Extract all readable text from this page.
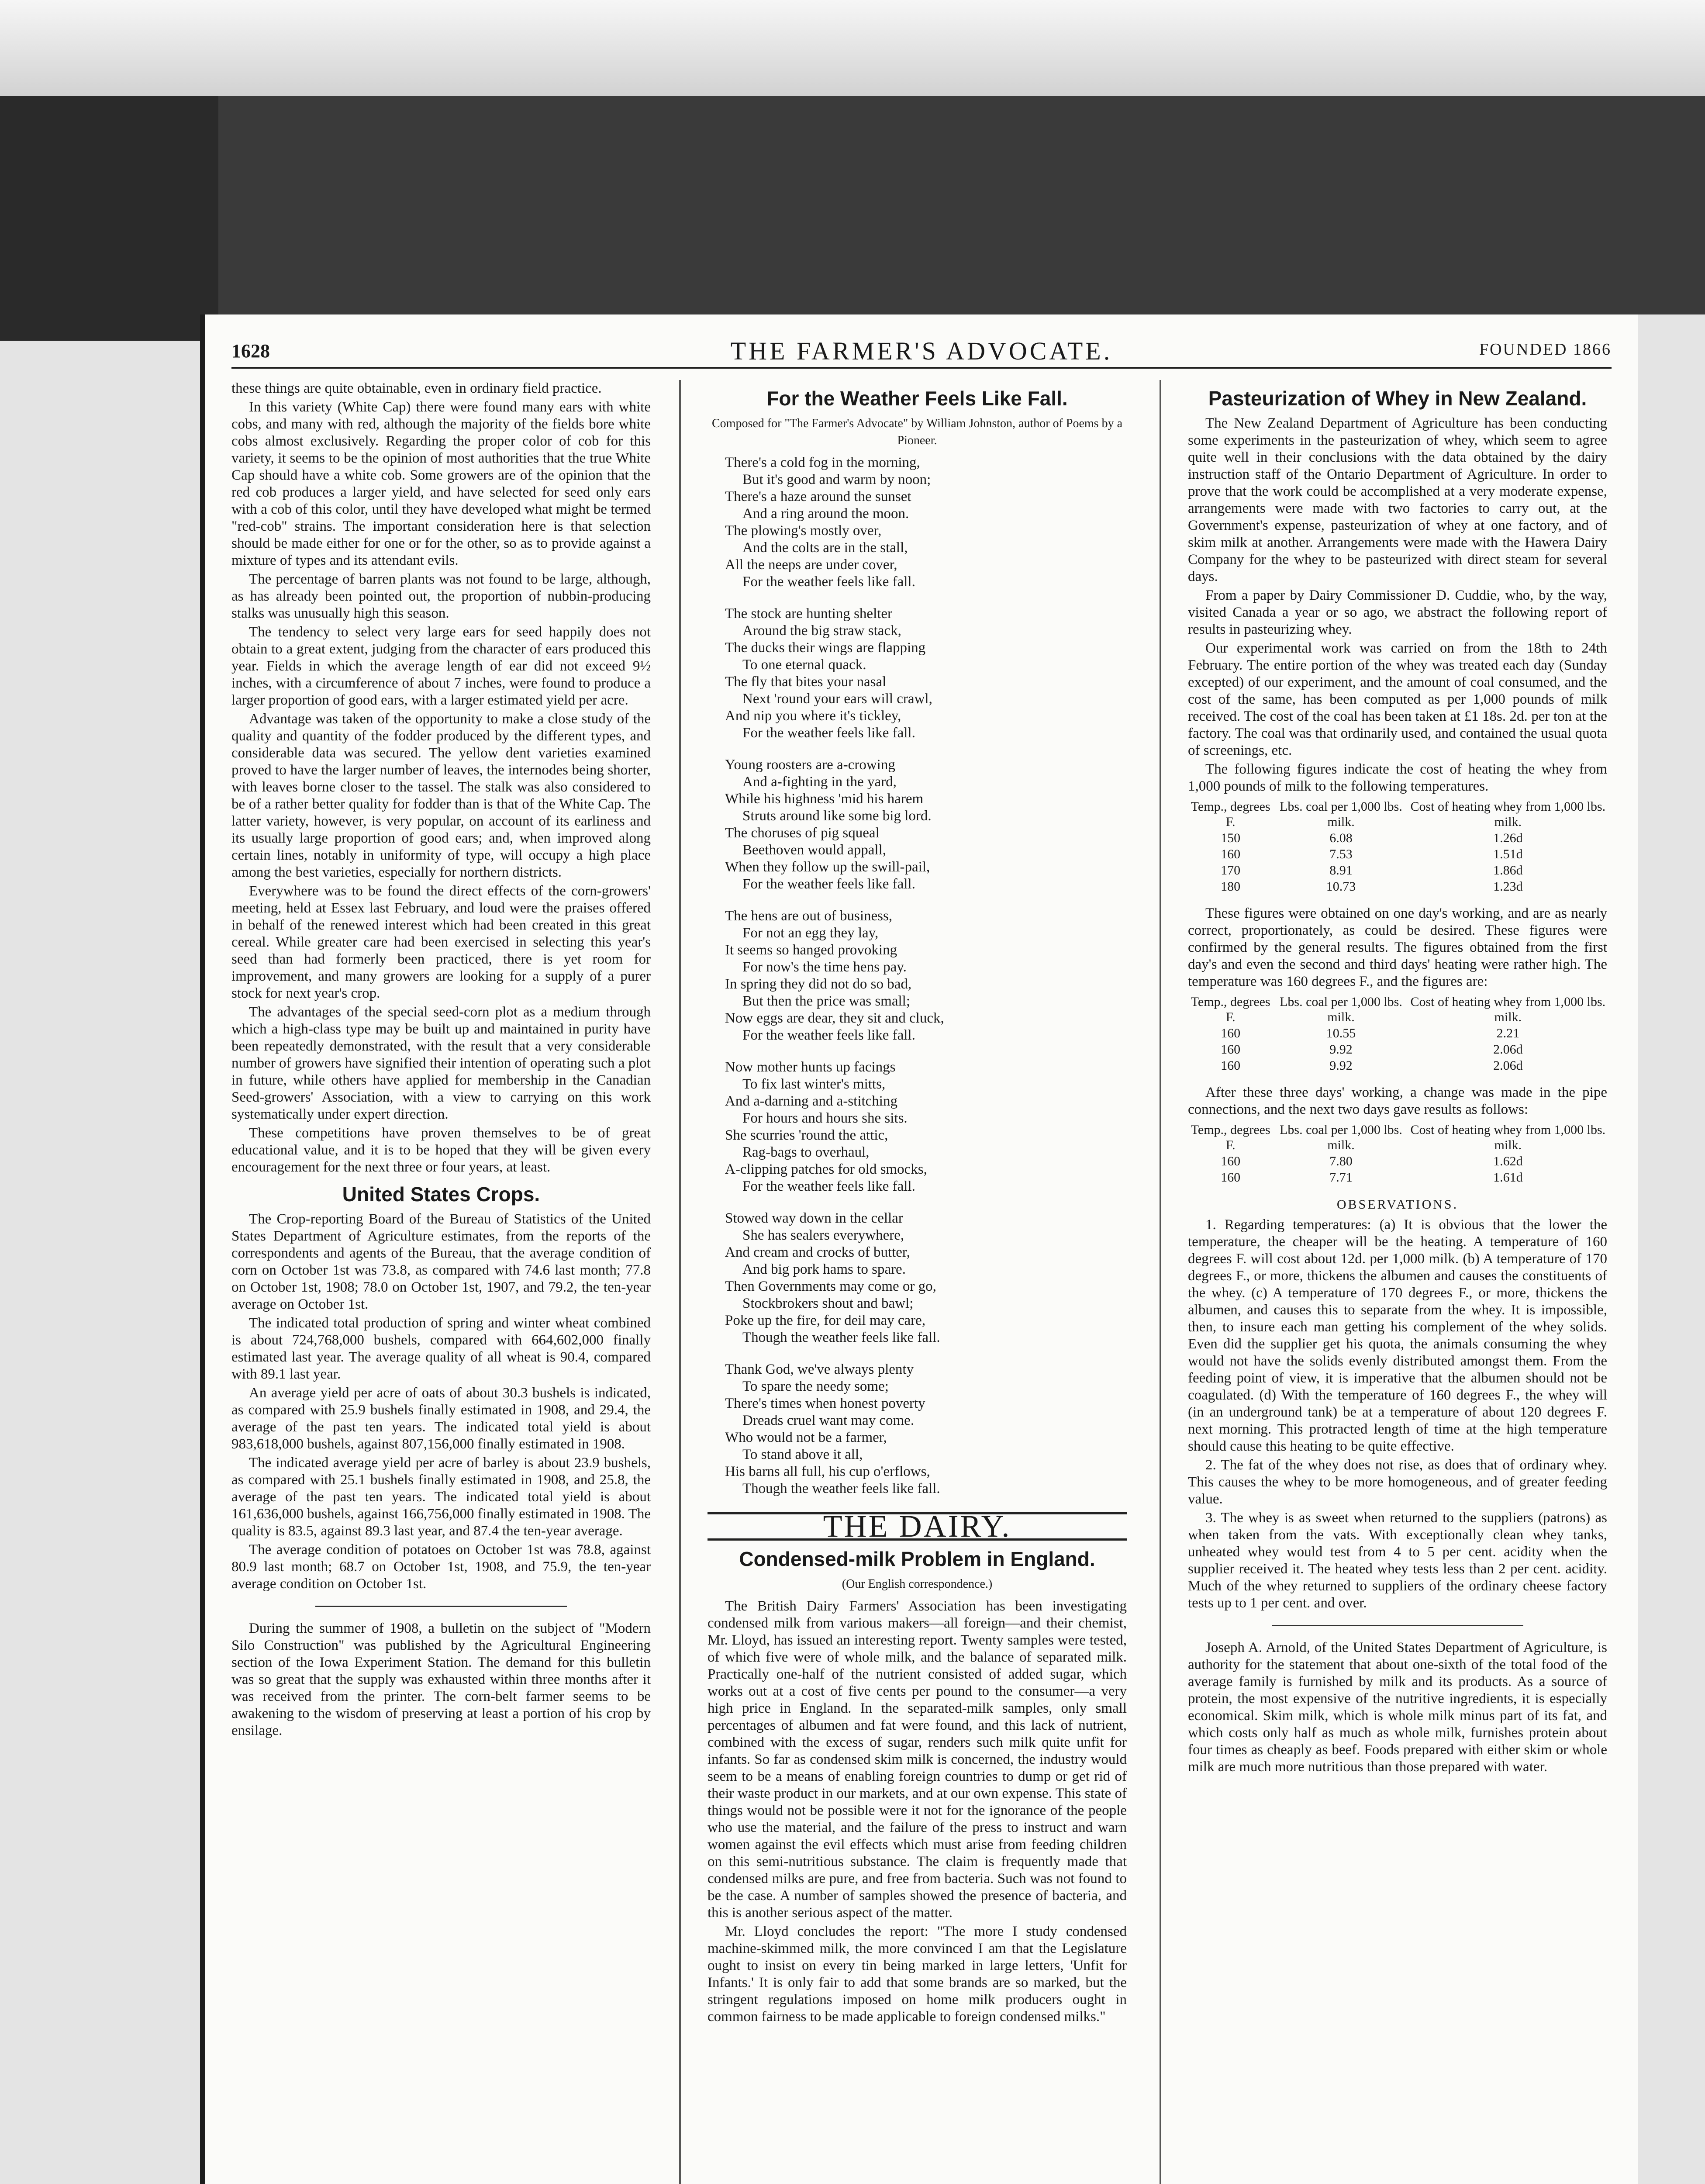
1628	THE FARMER'S ADVOCATE.	FOUNDED 1866

these things are quite obtainable, even in ordinary field practice.

In this variety (White Cap) there were found many ears with white cobs, and many with red, although the majority of the fields bore white cobs almost exclusively. Regarding the proper color of cob for this variety, it seems to be the opinion of most authorities that the true White Cap should have a white cob. Some growers are of the opinion that the red cob produces a larger yield, and have selected for seed only ears with a cob of this color, until they have developed what might be termed "red-cob" strains. The important consideration here is that selection should be made either for one or for the other, so as to provide against a mixture of types and its attendant evils.

The percentage of barren plants was not found to be large, although, as has already been pointed out, the proportion of nubbin-producing stalks was unusually high this season.

The tendency to select very large ears for seed happily does not obtain to a great extent, judging from the character of ears produced this year. Fields in which the average length of ear did not exceed 9½ inches, with a circumference of about 7 inches, were found to produce a larger proportion of good ears, with a larger estimated yield per acre.

Advantage was taken of the opportunity to make a close study of the quality and quantity of the fodder produced by the different types, and considerable data was secured. The yellow dent varieties examined proved to have the larger number of leaves, the internodes being shorter, with leaves borne closer to the tassel. The stalk was also considered to be of a rather better quality for fodder than is that of the White Cap. The latter variety, however, is very popular, on account of its earliness and its usually large proportion of good ears; and, when improved along certain lines, notably in uniformity of type, will occupy a high place among the best varieties, especially for northern districts.

Everywhere was to be found the direct effects of the corn-growers' meeting, held at Essex last February, and loud were the praises offered in behalf of the renewed interest which had been created in this great cereal. While greater care had been exercised in selecting this year's seed than had formerly been practiced, there is yet room for improvement, and many growers are looking for a supply of a purer stock for next year's crop.

The advantages of the special seed-corn plot as a medium through which a high-class type may be built up and maintained in purity have been repeatedly demonstrated, with the result that a very considerable number of growers have signified their intention of operating such a plot in future, while others have applied for membership in the Canadian Seed-growers' Association, with a view to carrying on this work systematically under expert direction.

These competitions have proven themselves to be of great educational value, and it is to be hoped that they will be given every encouragement for the next three or four years, at least.

United States Crops.

The Crop-reporting Board of the Bureau of Statistics of the United States Department of Agriculture estimates, from the reports of the correspondents and agents of the Bureau, that the average condition of corn on October 1st was 73.8, as compared with 74.6 last month; 77.8 on October 1st, 1908; 78.0 on October 1st, 1907, and 79.2, the ten-year average on October 1st.

The indicated total production of spring and winter wheat combined is about 724,768,000 bushels, compared with 664,602,000 finally estimated last year. The average quality of all wheat is 90.4, compared with 89.1 last year.

An average yield per acre of oats of about 30.3 bushels is indicated, as compared with 25.9 bushels finally estimated in 1908, and 29.4, the average of the past ten years. The indicated total yield is about 983,618,000 bushels, against 807,156,000 finally estimated in 1908.

The indicated average yield per acre of barley is about 23.9 bushels, as compared with 25.1 bushels finally estimated in 1908, and 25.8, the average of the past ten years. The indicated total yield is about 161,636,000 bushels, against 166,756,000 finally estimated in 1908. The quality is 83.5, against 89.3 last year, and 87.4 the ten-year average.

The average condition of potatoes on October 1st was 78.8, against 80.9 last month; 68.7 on October 1st, 1908, and 75.9, the ten-year average condition on October 1st.

During the summer of 1908, a bulletin on the subject of "Modern Silo Construction" was published by the Agricultural Engineering section of the Iowa Experiment Station. The demand for this bulletin was so great that the supply was exhausted within three months after it was received from the printer. The corn-belt farmer seems to be awakening to the wisdom of preserving at least a portion of his crop by ensilage.

For the Weather Feels Like Fall.
Composed for "The Farmer's Advocate" by William Johnston, author of Poems by a Pioneer.
There's a cold fog in the morning,
But it's good and warm by noon;
There's a haze around the sunset
And a ring around the moon.
The plowing's mostly over,
And the colts are in the stall,
All the neeps are under cover,
For the weather feels like fall.
The stock are hunting shelter
Around the big straw stack,
The ducks their wings are flapping
To one eternal quack.
The fly that bites your nasal
Next 'round your ears will crawl,
And nip you where it's tickley,
For the weather feels like fall.
Young roosters are a-crowing
And a-fighting in the yard,
While his highness 'mid his harem
Struts around like some big lord.
The choruses of pig squeal
Beethoven would appall,
When they follow up the swill-pail,
For the weather feels like fall.
The hens are out of business,
For not an egg they lay,
It seems so hanged provoking
For now's the time hens pay.
In spring they did not do so bad,
But then the price was small;
Now eggs are dear, they sit and cluck,
For the weather feels like fall.
Now mother hunts up facings
To fix last winter's mitts,
And a-darning and a-stitching
For hours and hours she sits.
She scurries 'round the attic,
Rag-bags to overhaul,
A-clipping patches for old smocks,
For the weather feels like fall.
Stowed way down in the cellar
She has sealers everywhere,
And cream and crocks of butter,
And big pork hams to spare.
Then Governments may come or go,
Stockbrokers shout and bawl;
Poke up the fire, for deil may care,
Though the weather feels like fall.
Thank God, we've always plenty
To spare the needy some;
There's times when honest poverty
Dreads cruel want may come.
Who would not be a farmer,
To stand above it all,
His barns all full, his cup o'erflows,
Though the weather feels like fall.
THE DAIRY.
Condensed-milk Problem in England.
(Our English correspondence.)

The British Dairy Farmers' Association has been investigating condensed milk from various makers—all foreign—and their chemist, Mr. Lloyd, has issued an interesting report. Twenty samples were tested, of which five were of whole milk, and the balance of separated milk. Practically one-half of the nutrient consisted of added sugar, which works out at a cost of five cents per pound to the consumer—a very high price in England. In the separated-milk samples, only small percentages of albumen and fat were found, and this lack of nutrient, combined with the excess of sugar, renders such milk quite unfit for infants. So far as condensed skim milk is concerned, the industry would seem to be a means of enabling foreign countries to dump or get rid of their waste product in our markets, and at our own expense. This state of things would not be possible were it not for the ignorance of the people who use the material, and the failure of the press to instruct and warn women against the evil effects which must arise from feeding children on this semi-nutritious substance. The claim is frequently made that condensed milks are pure, and free from bacteria. Such was not found to be the case. A number of samples showed the presence of bacteria, and this is another serious aspect of the matter.

Mr. Lloyd concludes the report: "The more I study condensed machine-skimmed milk, the more convinced I am that the Legislature ought to insist on every tin being marked in large letters, 'Unfit for Infants.' It is only fair to add that some brands are so marked, but the stringent regulations imposed on home milk producers ought in common fairness to be made applicable to foreign condensed milks."

Pasteurization of Whey in New Zealand.

The New Zealand Department of Agriculture has been conducting some experiments in the pasteurization of whey, which seem to agree quite well in their conclusions with the data obtained by the dairy instruction staff of the Ontario Department of Agriculture. In order to prove that the work could be accomplished at a very moderate expense, arrangements were made with two factories to carry out, at the Government's expense, pasteurization of whey at one factory, and of skim milk at another. Arrangements were made with the Hawera Dairy Company for the whey to be pasteurized with direct steam for several days.

From a paper by Dairy Commissioner D. Cuddie, who, by the way, visited Canada a year or so ago, we abstract the following report of results in pasteurizing whey.

Our experimental work was carried on from the 18th to 24th February. The entire portion of the whey was treated each day (Sunday excepted) of our experiment, and the amount of coal consumed, and the cost of the same, has been computed as per 1,000 pounds of milk received. The cost of the coal has been taken at £1 18s. 2d. per ton at the factory. The coal was that ordinarily used, and contained the usual quota of screenings, etc.

The following figures indicate the cost of heating the whey from 1,000 pounds of milk to the following temperatures.

Temp., degrees F.	Lbs. coal per 1,000 lbs. milk.	Cost of heating whey from 1,000 lbs. milk.
150	6.08	1.26d
160	7.53	1.51d
170	8.91	1.86d
180	10.73	1.23d

These figures were obtained on one day's working, and are as nearly correct, proportionately, as could be desired. These figures were confirmed by the general results. The figures obtained from the first day's and even the second and third days' heating were rather high. The temperature was 160 degrees F., and the figures are:

Temp., degrees F.	Lbs. coal per 1,000 lbs. milk.	Cost of heating whey from 1,000 lbs. milk.
160	10.55	2.21
160	9.92	2.06d
160	9.92	2.06d

After these three days' working, a change was made in the pipe connections, and the next two days gave results as follows:

Temp., degrees F.	Lbs. coal per 1,000 lbs. milk.	Cost of heating whey from 1,000 lbs. milk.
160	7.80	1.62d
160	7.71	1.61d
OBSERVATIONS.

1. Regarding temperatures: (a) It is obvious that the lower the temperature, the cheaper will be the heating. A temperature of 160 degrees F. will cost about 12d. per 1,000 milk. (b) A temperature of 170 degrees F., or more, thickens the albumen and causes the constituents of the whey. (c) A temperature of 170 degrees F., or more, thickens the albumen, and causes this to separate from the whey. It is impossible, then, to insure each man getting his complement of the whey solids. Even did the supplier get his quota, the animals consuming the whey would not have the solids evenly distributed amongst them. From the feeding point of view, it is imperative that the albumen should not be coagulated. (d) With the temperature of 160 degrees F., the whey will (in an underground tank) be at a temperature of about 120 degrees F. next morning. This protracted length of time at the high temperature should cause this heating to be quite effective.

2. The fat of the whey does not rise, as does that of ordinary whey. This causes the whey to be more homogeneous, and of greater feeding value.

3. The whey is as sweet when returned to the suppliers (patrons) as when taken from the vats. With exceptionally clean whey tanks, unheated whey would test from 4 to 5 per cent. acidity when the supplier received it. The heated whey tests less than 2 per cent. acidity. Much of the whey returned to suppliers of the ordinary cheese factory tests up to 1 per cent. and over.

Joseph A. Arnold, of the United States Department of Agriculture, is authority for the statement that about one-sixth of the total food of the average family is furnished by milk and its products. As a source of protein, the most expensive of the nutritive ingredients, it is especially economical. Skim milk, which is whole milk minus part of its fat, and which costs only half as much as whole milk, furnishes protein about four times as cheaply as beef. Foods prepared with either skim or whole milk are much more nutritious than those prepared with water.
